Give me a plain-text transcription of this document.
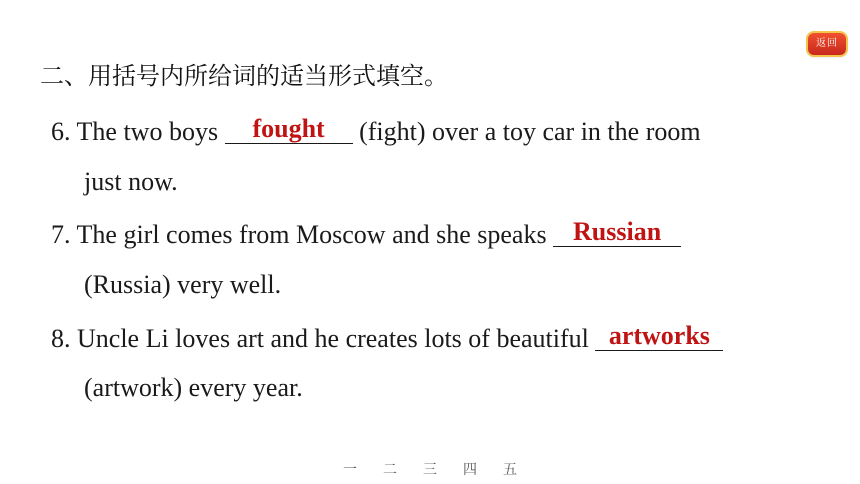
返回
二、用括号内所给词的适当形式填空。
6. The two boys	fought	(fight) over a toy car in the room
just now.
7. The girl comes from Moscow and she speaks Russian
(Russia) very well.
8. Uncle Li loves art and he creates lots of beautiful artworks
(artwork) every year.
一 二 三 四 五
